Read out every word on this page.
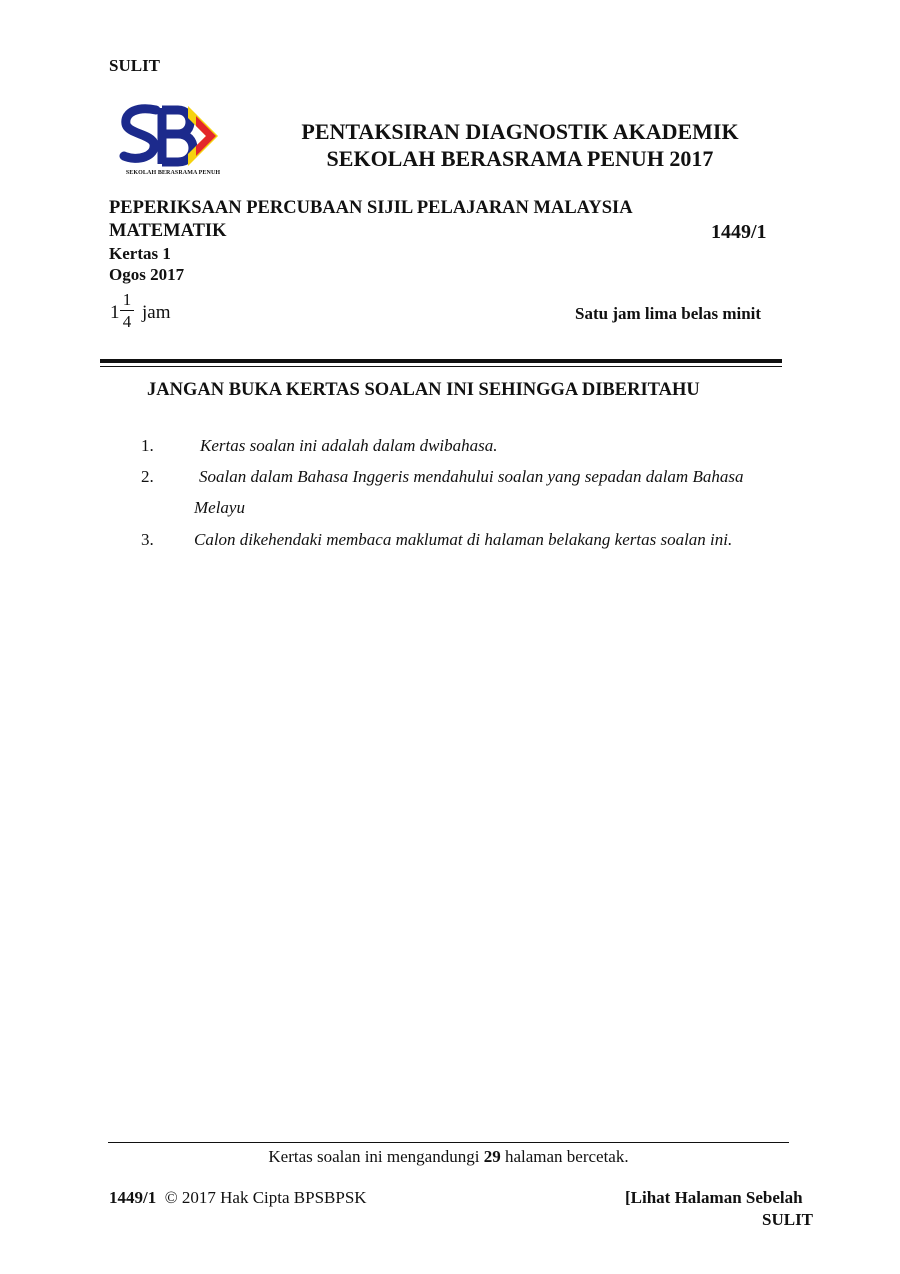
SULIT
SEKOLAH BERASRAMA PENUH
PENTAKSIRAN DIAGNOSTIK AKADEMIK
SEKOLAH BERASRAMA PENUH 2017
PEPERIKSAAN PERCUBAAN SIJIL PELAJARAN MALAYSIA
MATEMATIK	1449/1
Kertas 1
Ogos 2017
1
1
4 jam	Satu jam lima belas minit
JANGAN BUKA KERTAS SOALAN INI SEHINGGA DIBERITAHU
1.	Kertas soalan ini adalah dalam dwibahasa.
2.	Soalan dalam Bahasa Inggeris mendahului soalan yang sepadan dalam Bahasa
Melayu
3. Calon dikehendaki membaca maklumat di halaman belakang kertas soalan ini.
Kertas soalan ini mengandungi 29 halaman bercetak.
1449/1 © 2017 Hak Cipta BPSBPSK	[Lihat Halaman Sebelah
SULIT
